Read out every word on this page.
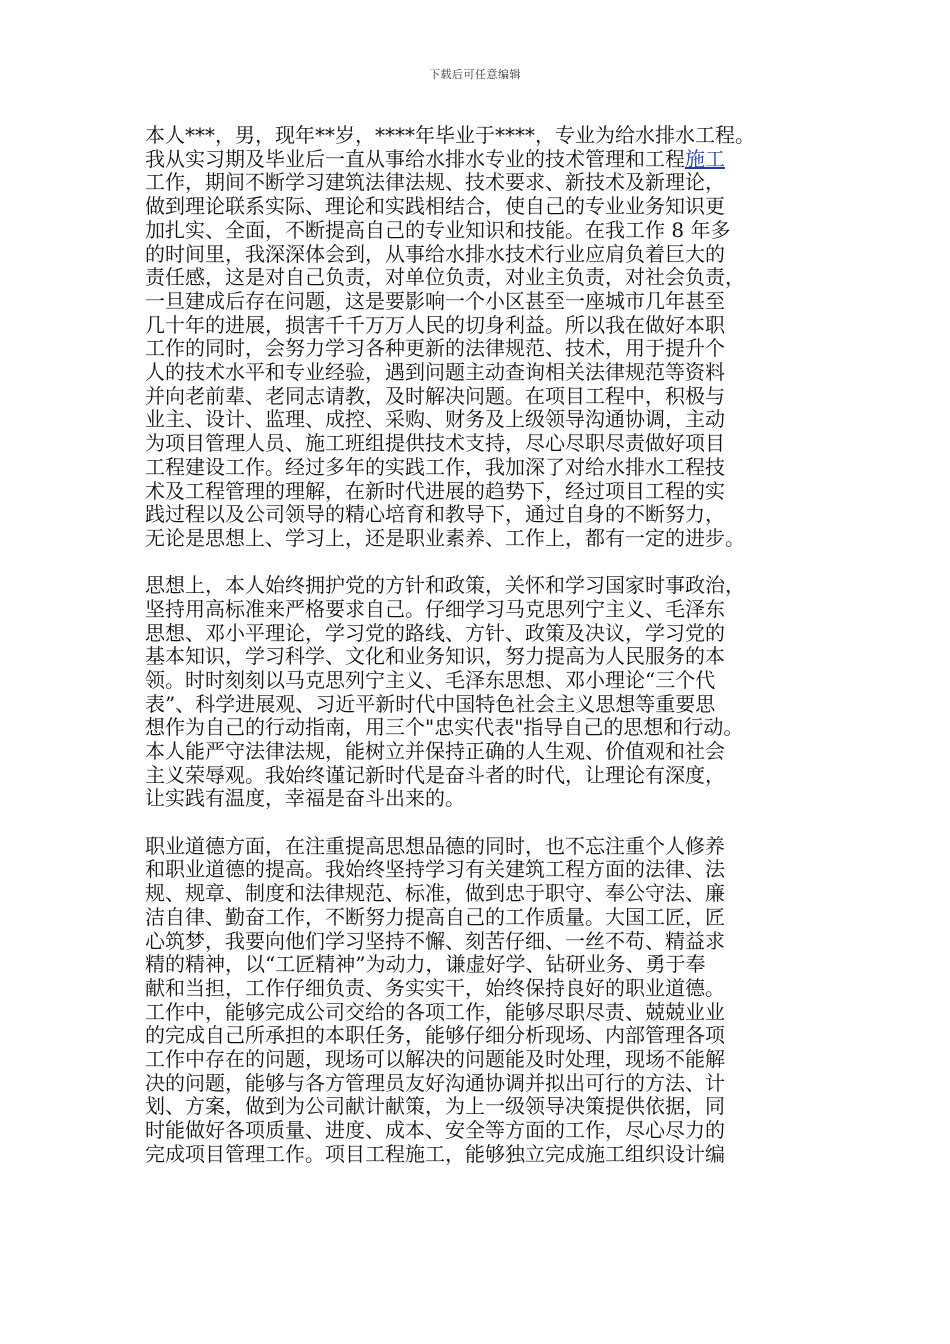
下载后可任意编辑
本人***，男，现年**岁，****年毕业于****，专业为给水排水工程。
我从实习期及毕业后一直从事给水排水专业的技术管理和工程施工
工作，期间不断学习建筑法律法规、技术要求、新技术及新理论，
做到理论联系实际、理论和实践相结合，使自己的专业业务知识更
加扎实、全面，不断提高自己的专业知识和技能。在我工作 8 年多
的时间里，我深深体会到，从事给水排水技术行业应肩负着巨大的
责任感，这是对自己负责，对单位负责，对业主负责，对社会负责，
一旦建成后存在问题，这是要影响一个小区甚至一座城市几年甚至
几十年的进展，损害千千万万人民的切身利益。所以我在做好本职
工作的同时，会努力学习各种更新的法律规范、技术，用于提升个
人的技术水平和专业经验，遇到问题主动查询相关法律规范等资料
并向老前辈、老同志请教，及时解决问题。在项目工程中，积极与
业主、设计、监理、成控、采购、财务及上级领导沟通协调，主动
为项目管理人员、施工班组提供技术支持，尽心尽职尽责做好项目
工程建设工作。经过多年的实践工作，我加深了对给水排水工程技
术及工程管理的理解，在新时代进展的趋势下，经过项目工程的实
践过程以及公司领导的精心培育和教导下，通过自身的不断努力，
无论是思想上、学习上，还是职业素养、工作上，都有一定的进步。
思想上，本人始终拥护党的方针和政策，关怀和学习国家时事政治，
坚持用高标准来严格要求自己。仔细学习马克思列宁主义、毛泽东
思想、邓小平理论，学习党的路线、方针、政策及决议，学习党的
基本知识，学习科学、文化和业务知识，努力提高为人民服务的本
领。时时刻刻以马克思列宁主义、毛泽东思想、邓小理论“三个代
表”、科学进展观、习近平新时代中国特色社会主义思想等重要思
想作为自己的行动指南，用三个"忠实代表"指导自己的思想和行动。
本人能严守法律法规，能树立并保持正确的人生观、价值观和社会
主义荣辱观。我始终谨记新时代是奋斗者的时代，让理论有深度，
让实践有温度，幸福是奋斗出来的。
职业道德方面，在注重提高思想品德的同时，也不忘注重个人修养
和职业道德的提高。我始终坚持学习有关建筑工程方面的法律、法
规、规章、制度和法律规范、标准，做到忠于职守、奉公守法、廉
洁自律、勤奋工作，不断努力提高自己的工作质量。大国工匠，匠
心筑梦，我要向他们学习坚持不懈、刻苦仔细、一丝不苟、精益求
精的精神，以“工匠精神”为动力，谦虚好学、钻研业务、勇于奉
献和当担，工作仔细负责、务实实干，始终保持良好的职业道德。
工作中，能够完成公司交给的各项工作，能够尽职尽责、兢兢业业
的完成自己所承担的本职任务，能够仔细分析现场、内部管理各项
工作中存在的问题，现场可以解决的问题能及时处理，现场不能解
决的问题，能够与各方管理员友好沟通协调并拟出可行的方法、计
划、方案，做到为公司献计献策，为上一级领导决策提供依据，同
时能做好各项质量、进度、成本、安全等方面的工作，尽心尽力的
完成项目管理工作。项目工程施工，能够独立完成施工组织设计编
